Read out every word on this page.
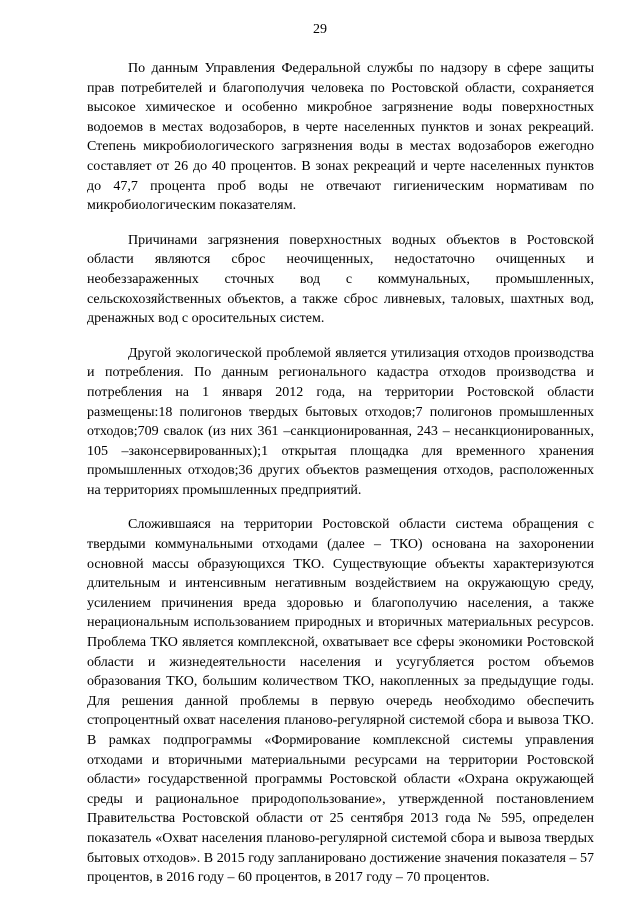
29

По данным Управления Федеральной службы по надзору в сфере защиты прав потребителей и благополучия человека по Ростовской области, сохраняется высокое химическое и особенно микробное загрязнение воды поверхностных водоемов в местах водозаборов, в черте населенных пунктов и зонах рекреаций. Степень микробиологического загрязнения воды в местах водозаборов ежегодно составляет от 26 до 40 процентов. В зонах рекреаций и черте населенных пунктов до 47,7 процента проб воды не отвечают гигиеническим нормативам по микробиологическим показателям.

Причинами загрязнения поверхностных водных объектов в Ростовской области являются сброс неочищенных, недостаточно очищенных и необеззараженных сточных вод с коммунальных, промышленных, сельскохозяйственных объектов, а также сброс ливневых, таловых, шахтных вод, дренажных вод с оросительных систем.

Другой экологической проблемой является утилизация отходов производства и потребления. По данным регионального кадастра отходов производства и потребления на 1 января 2012 года, на территории Ростовской области размещены:18 полигонов твердых бытовых отходов;7 полигонов промышленных отходов;709 свалок (из них 361 –санкционированная, 243 – несанкционированных, 105 –законсервированных);1 открытая площадка для временного хранения промышленных отходов;36 других объектов размещения отходов, расположенных на территориях промышленных предприятий.

Сложившаяся на территории Ростовской области система обращения с твердыми коммунальными отходами (далее – ТКО) основана на захоронении основной массы образующихся ТКО. Существующие объекты характеризуются длительным и интенсивным негативным воздействием на окружающую среду, усилением причинения вреда здоровью и благополучию населения, а также нерациональным использованием природных и вторичных материальных ресурсов. Проблема ТКО является комплексной, охватывает все сферы экономики Ростовской области и жизнедеятельности населения и усугубляется ростом объемов образования ТКО, большим количеством ТКО, накопленных за предыдущие годы. Для решения данной проблемы в первую очередь необходимо обеспечить стопроцентный охват населения планово-регулярной системой сбора и вывоза ТКО. В рамках подпрограммы «Формирование комплексной системы управления отходами и вторичными материальными ресурсами на территории Ростовской области» государственной программы Ростовской области «Охрана окружающей среды и рациональное природопользование», утвержденной постановлением Правительства Ростовской области от 25 сентября 2013 года № 595, определен показатель «Охват населения планово-регулярной системой сбора и вывоза твердых бытовых отходов». В 2015 году запланировано достижение значения показателя – 57 процентов, в 2016 году – 60 процентов, в 2017 году – 70 процентов.
